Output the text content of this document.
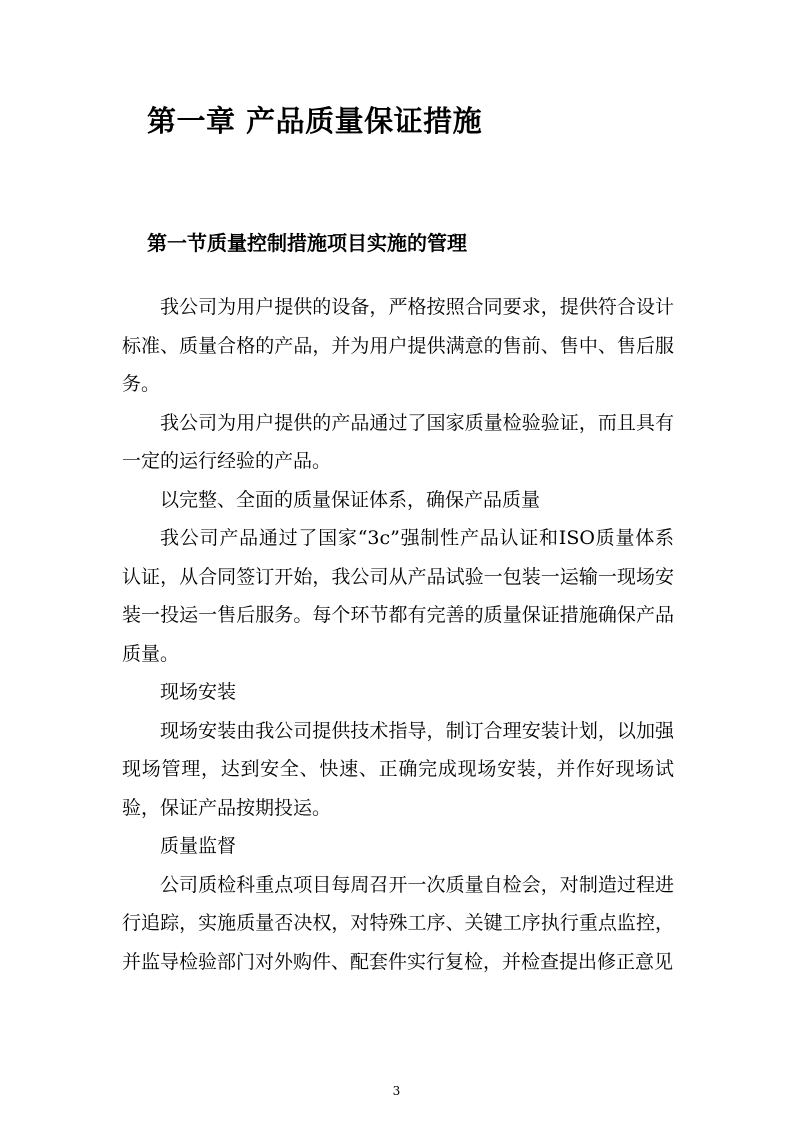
第一章 产品质量保证措施
第一节质量控制措施项目实施的管理

我公司为用户提供的设备，严格按照合同要求，提供符合设计标准、质量合格的产品，并为用户提供满意的售前、售中、售后服务。

我公司为用户提供的产品通过了国家质量检验验证，而且具有一定的运行经验的产品。

以完整、全面的质量保证体系，确保产品质量

我公司产品通过了国家“3c”强制性产品认证和ISO质量体系认证，从合同签订开始，我公司从产品试验一包装一运输一现场安装一投运一售后服务。每个环节都有完善的质量保证措施确保产品质量。

现场安装

现场安装由我公司提供技术指导，制订合理安装计划，以加强现场管理，达到安全、快速、正确完成现场安装，并作好现场试验，保证产品按期投运。

质量监督

公司质检科重点项目每周召开一次质量自检会，对制造过程进行追踪，实施质量否决权，对特殊工序、关键工序执行重点监控，并监导检验部门对外购件、配套件实行复检，并检查提出修正意见

3
